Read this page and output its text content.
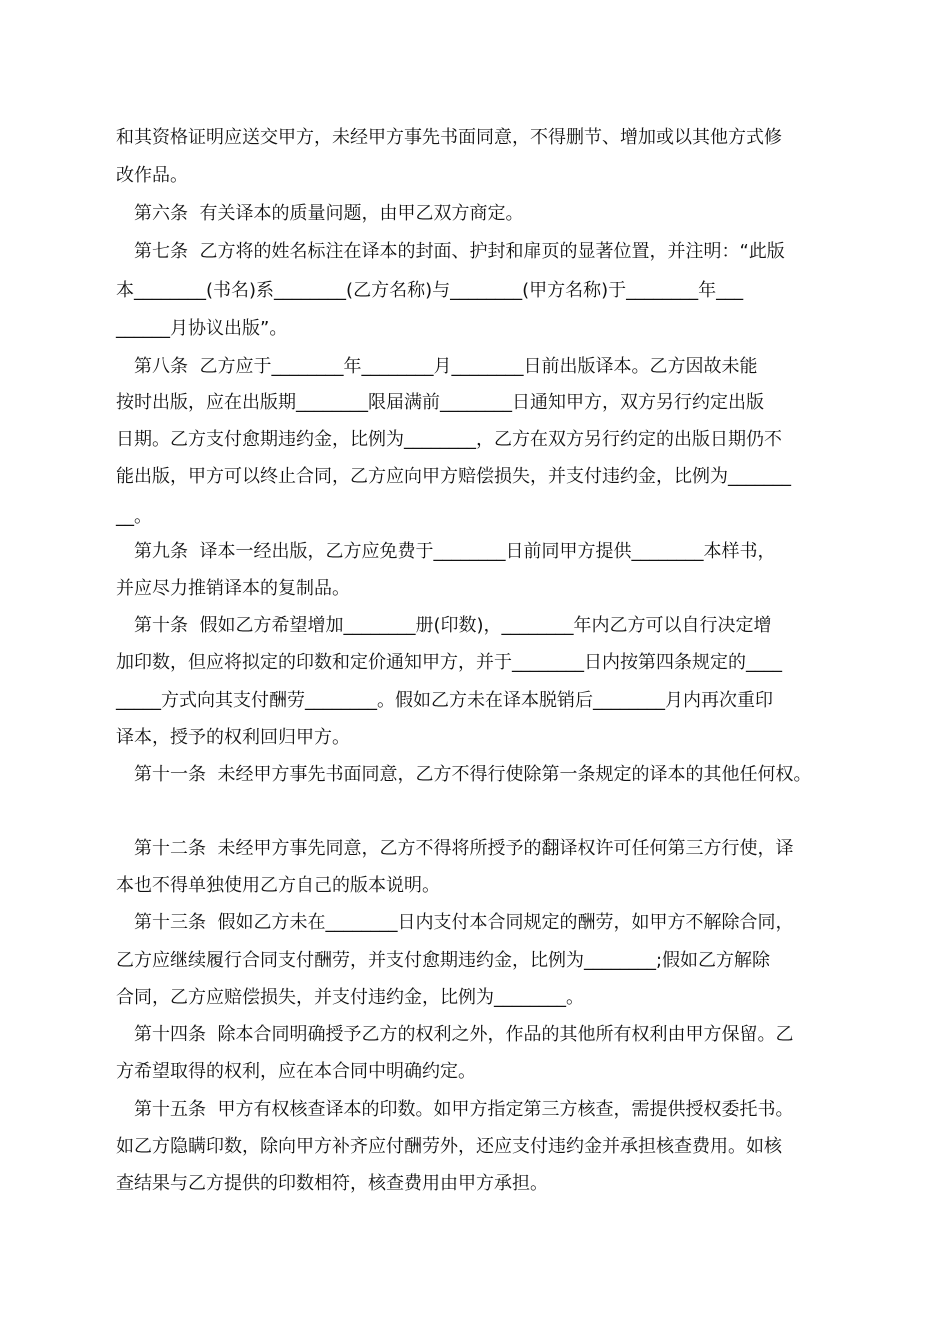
和其资格证明应送交甲方，未经甲方事先书面同意，不得删节、增加或以其他方式修
改作品。
第六条  有关译本的质量问题，由甲乙双方商定。
第七条  乙方将的姓名标注在译本的封面、护封和扉页的显著位置，并注明：“此版
本________(书名)系________(乙方名称)与________(甲方名称)于________年___
______月协议出版”。
第八条  乙方应于________年________月________日前出版译本。乙方因故未能
按时出版，应在出版期________限届满前________日通知甲方，双方另行约定出版
日期。乙方支付愈期违约金，比例为________，乙方在双方另行约定的出版日期仍不
能出版，甲方可以终止合同，乙方应向甲方赔偿损失，并支付违约金，比例为_______
__。
第九条  译本一经出版，乙方应免费于________日前同甲方提供________本样书，
并应尽力推销译本的复制品。
第十条  假如乙方希望增加________册(印数)，________年内乙方可以自行决定增
加印数，但应将拟定的印数和定价通知甲方，并于________日内按第四条规定的____
_____方式向其支付酬劳________。假如乙方未在译本脱销后________月内再次重印
译本，授予的权利回归甲方。
第十一条  未经甲方事先书面同意，乙方不得行使除第一条规定的译本的其他任何权。
第十二条  未经甲方事先同意，乙方不得将所授予的翻译权许可任何第三方行使，译
本也不得单独使用乙方自己的版本说明。
第十三条  假如乙方未在________日内支付本合同规定的酬劳，如甲方不解除合同，
乙方应继续履行合同支付酬劳，并支付愈期违约金，比例为________;假如乙方解除
合同，乙方应赔偿损失，并支付违约金，比例为________。
第十四条  除本合同明确授予乙方的权利之外，作品的其他所有权利由甲方保留。乙
方希望取得的权利，应在本合同中明确约定。
第十五条  甲方有权核查译本的印数。如甲方指定第三方核查，需提供授权委托书。
如乙方隐瞒印数，除向甲方补齐应付酬劳外，还应支付违约金并承担核查费用。如核
查结果与乙方提供的印数相符，核查费用由甲方承担。
